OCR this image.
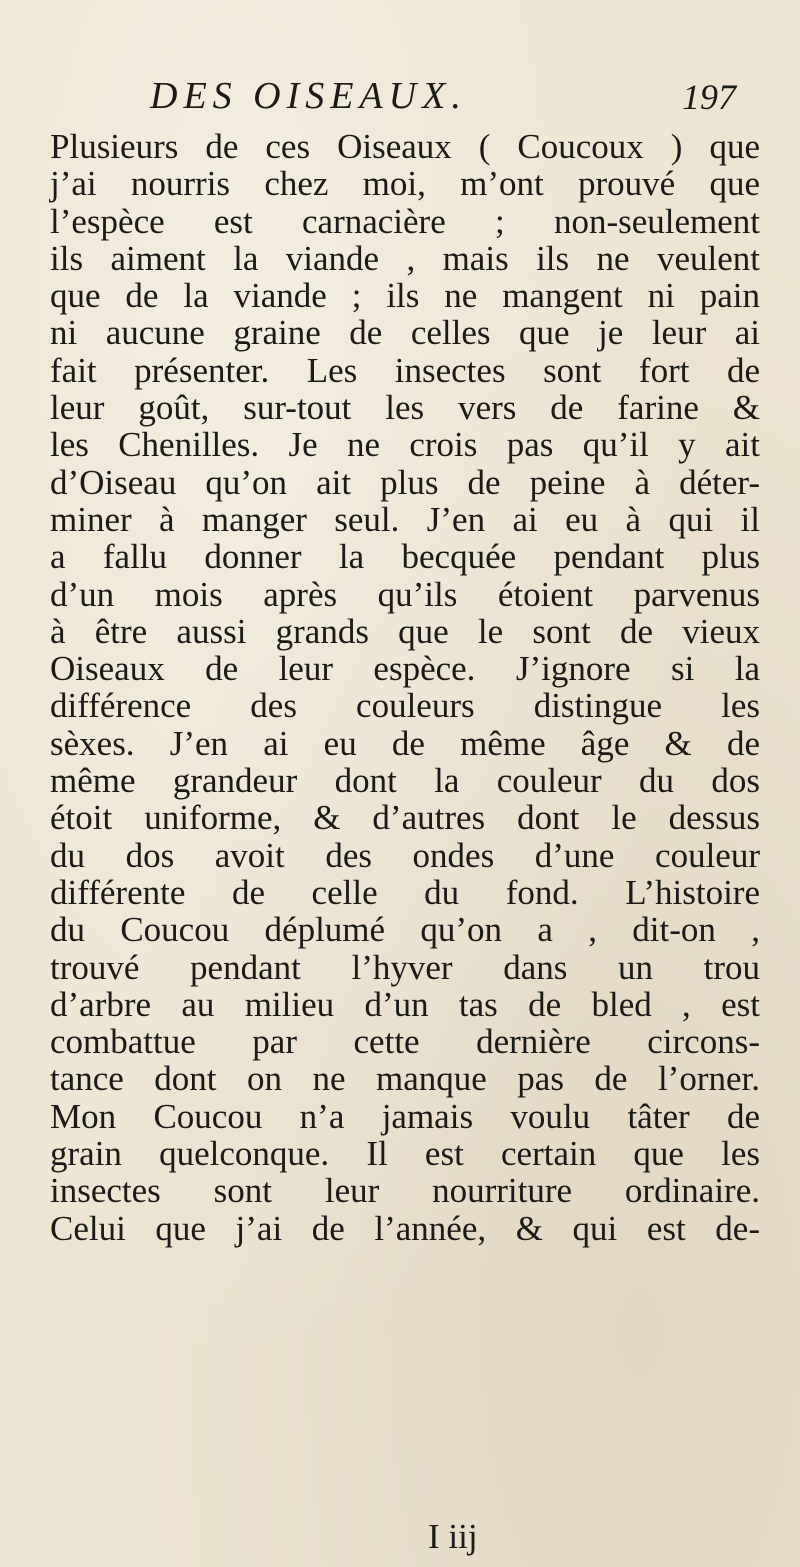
DES OISEAUX.	197
Plusieurs de ces Oiseaux ( Coucoux ) que
j’ai nourris chez moi, m’ont prouvé que
l’espèce est carnacière ; non-seulement
ils aiment la viande , mais ils ne veulent
que de la viande ; ils ne mangent ni pain
ni aucune graine de celles que je leur ai
fait présenter. Les insectes sont fort de
leur goût, sur-tout les vers de farine &
les Chenilles. Je ne crois pas qu’il y ait
d’Oiseau qu’on ait plus de peine à déter-
miner à manger seul. J’en ai eu à qui il
a fallu donner la becquée pendant plus
d’un mois après qu’ils étoient parvenus
à être aussi grands que le sont de vieux
Oiseaux de leur espèce. J’ignore si la
différence des couleurs distingue les
sèxes. J’en ai eu de même âge & de
même grandeur dont la couleur du dos
étoit uniforme, & d’autres dont le dessus
du dos avoit des ondes d’une couleur
différente de celle du fond. L’histoire
du Coucou déplumé qu’on a , dit-on ,
trouvé pendant l’hyver dans un trou
d’arbre au milieu d’un tas de bled , est
combattue par cette dernière circons-
tance dont on ne manque pas de l’orner.
Mon Coucou n’a jamais voulu tâter de
grain quelconque. Il est certain que les
insectes sont leur nourriture ordinaire.
Celui que j’ai de l’année, & qui est de-
I iij
